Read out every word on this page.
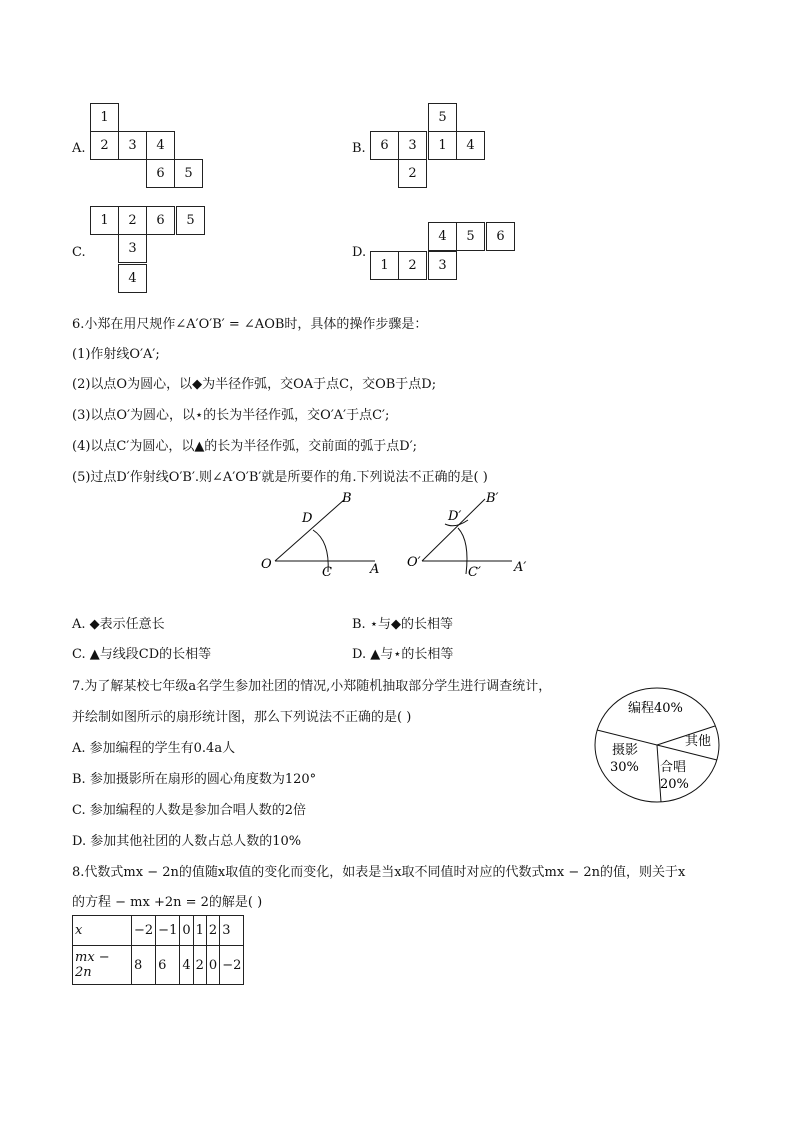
A.
1
2	3	4
6	5
B.
5
6	3	1	4
2
C.
1	2	6	5
3
4
D.
4	5	6
1	2	3
6.小郑在用尺规作∠A′O′B′ = ∠AOB时，具体的操作步骤是：
(1)作射线O′A′;
(2)以点O为圆心，以◆为半径作弧，交OA于点C，交OB于点D;
(3)以点O′为圆心，以⋆的长为半径作弧，交O′A′于点C′;
(4)以点C′为圆心，以▲的长为半径作弧，交前面的弧于点D′;
(5)过点D′作射线O′B′.则∠A′O′B′就是所要作的角.下列说法不正确的是( )
O	A
B
C
D
O′	A′
B′
C′
D′
A. ◆表示任意长	B. ⋆与◆的长相等
C. ▲与线段CD的长相等	D. ▲与⋆的长相等
7.为了解某校七年级a名学生参加社团的情况,小郑随机抽取部分学生进行调查统计，
并绘制如图所示的扇形统计图，那么下列说法不正确的是( )
A. 参加编程的学生有0.4a人
B. 参加摄影所在扇形的圆心角度数为120°
C. 参加编程的人数是参加合唱人数的2倍
D. 参加其他社团的人数占总人数的10%
编程40%
其他
合唱
20%
摄影
30%
8.代数式mx − 2n的值随x取值的变化而变化，如表是当x取不同值时对应的代数式mx − 2n的值，则关于x
的方程 − mx +2n = 2的解是( )
x	−2	−1	0	1	2	3
mx − 2n	8	6	4	2	0	−2
